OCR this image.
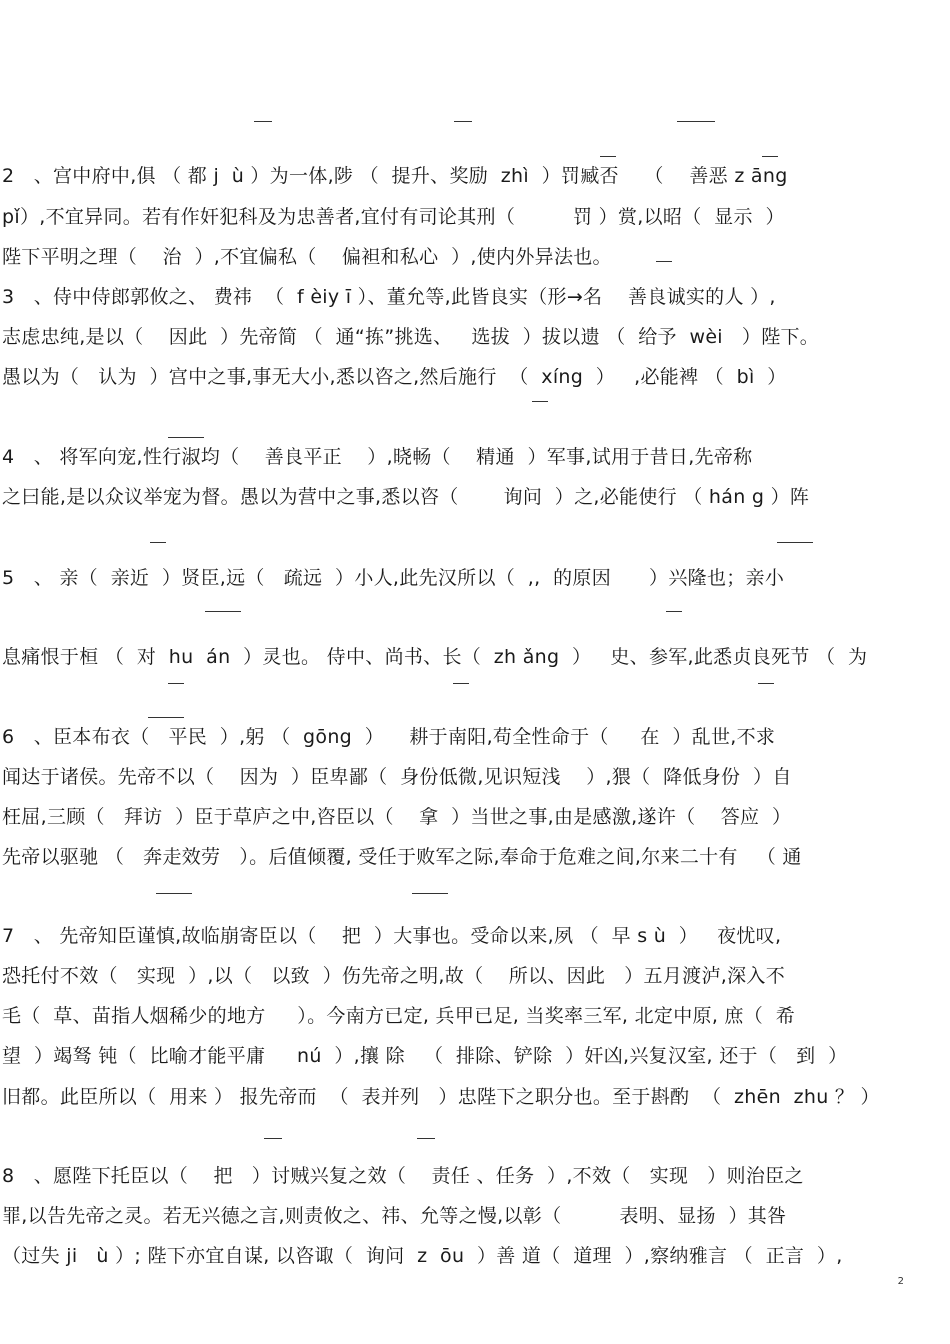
2　、宫中府中,俱 （ 都 j  ù ）为一体,陟 （  提升、奖励  zhì  ）罚臧否　 （　 善恶 z āng
pǐ）,不宜异同。若有作奸犯科及为忠善者,宜付有司论其刑（　　　罚 ）赏,以昭（  显示  ）
陛下平明之理（    治  ）,不宜偏私（    偏袒和私心  ）,使内外异法也。
3　、侍中侍郎郭攸之、 费祎  （  f èiy ī ）、董允等,此皆良实（形→名　 善良诚实的人 ）,
志虑忠纯,是以（    因此  ）先帝简 （  通“拣”挑选、   选拔  ）拔以遗 （  给予  wèi   ）陛下。
愚以为（   认为  ）宫中之事,事无大小,悉以咨之,然后施行  （  xíng  ）   ,必能裨 （  bì  ）
4　、 将军向宠,性行淑均（    善良平正    ）,晓畅（    精通  ）军事,试用于昔日,先帝称
之曰能,是以众议举宠为督。愚以为营中之事,悉以咨（　　 询问  ）之,必能使行 （ hán g ）阵
5　、 亲（  亲近  ）贤臣,远（   疏远  ）小人,此先汉所以（  ,,  的原因      ）兴隆也；亲小
息痛恨于桓 （  对  hu  án  ）灵也。 侍中、尚书、长（  zh ǎng  ）   史、参军,此悉贞良死节 （  为
6　、臣本布衣（   平民  ）,躬 （  gōng  ）    耕于南阳,苟全性命于（     在  ）乱世,不求
闻达于诸侯。先帝不以（    因为  ）臣卑鄙（  身份低微,见识短浅    ）,猥（  降低身份  ）自
枉屈,三顾（   拜访  ）臣于草庐之中,咨臣以（    拿  ）当世之事,由是感激,遂许（    答应  ）
先帝以驱驰 （   奔走效劳   ）。后值倾覆, 受任于败军之际,奉命于危难之间,尔来二十有   （ 通
7　、 先帝知臣谨慎,故临崩寄臣以（    把  ）大事也。受命以来,夙 （  早 s ù  ）   夜忧叹,
恐托付不效（   实现  ）,以（   以致  ）伤先帝之明,故（    所以、因此   ）五月渡泸,深入不
毛（  草、苗指人烟稀少的地方     ）。今南方已定, 兵甲已足, 当奖率三军, 北定中原, 庶（  希
望  ）竭驽 钝（  比喻才能平庸     nú  ）,攘 除   （  排除、铲除  ）奸凶,兴复汉室, 还于（   到  ）
旧都。此臣所以（  用来 ） 报先帝而  （  表并列   ）忠陛下之职分也。至于斟酌  （  zhēn  zhu ？ ）
8　、愿陛下托臣以（    把   ）讨贼兴复之效（    责任 、任务  ）,不效（   实现   ）则治臣之
罪,以告先帝之灵。若无兴德之言,则责攸之、祎、允等之慢,以彰（　　　表明、显扬  ）其咎
（过失 ji   ù ）; 陛下亦宜自谋, 以咨诹（  询问  z  ōu  ）善 道（  道理  ）,察纳雅言 （  正言  ）,
2
